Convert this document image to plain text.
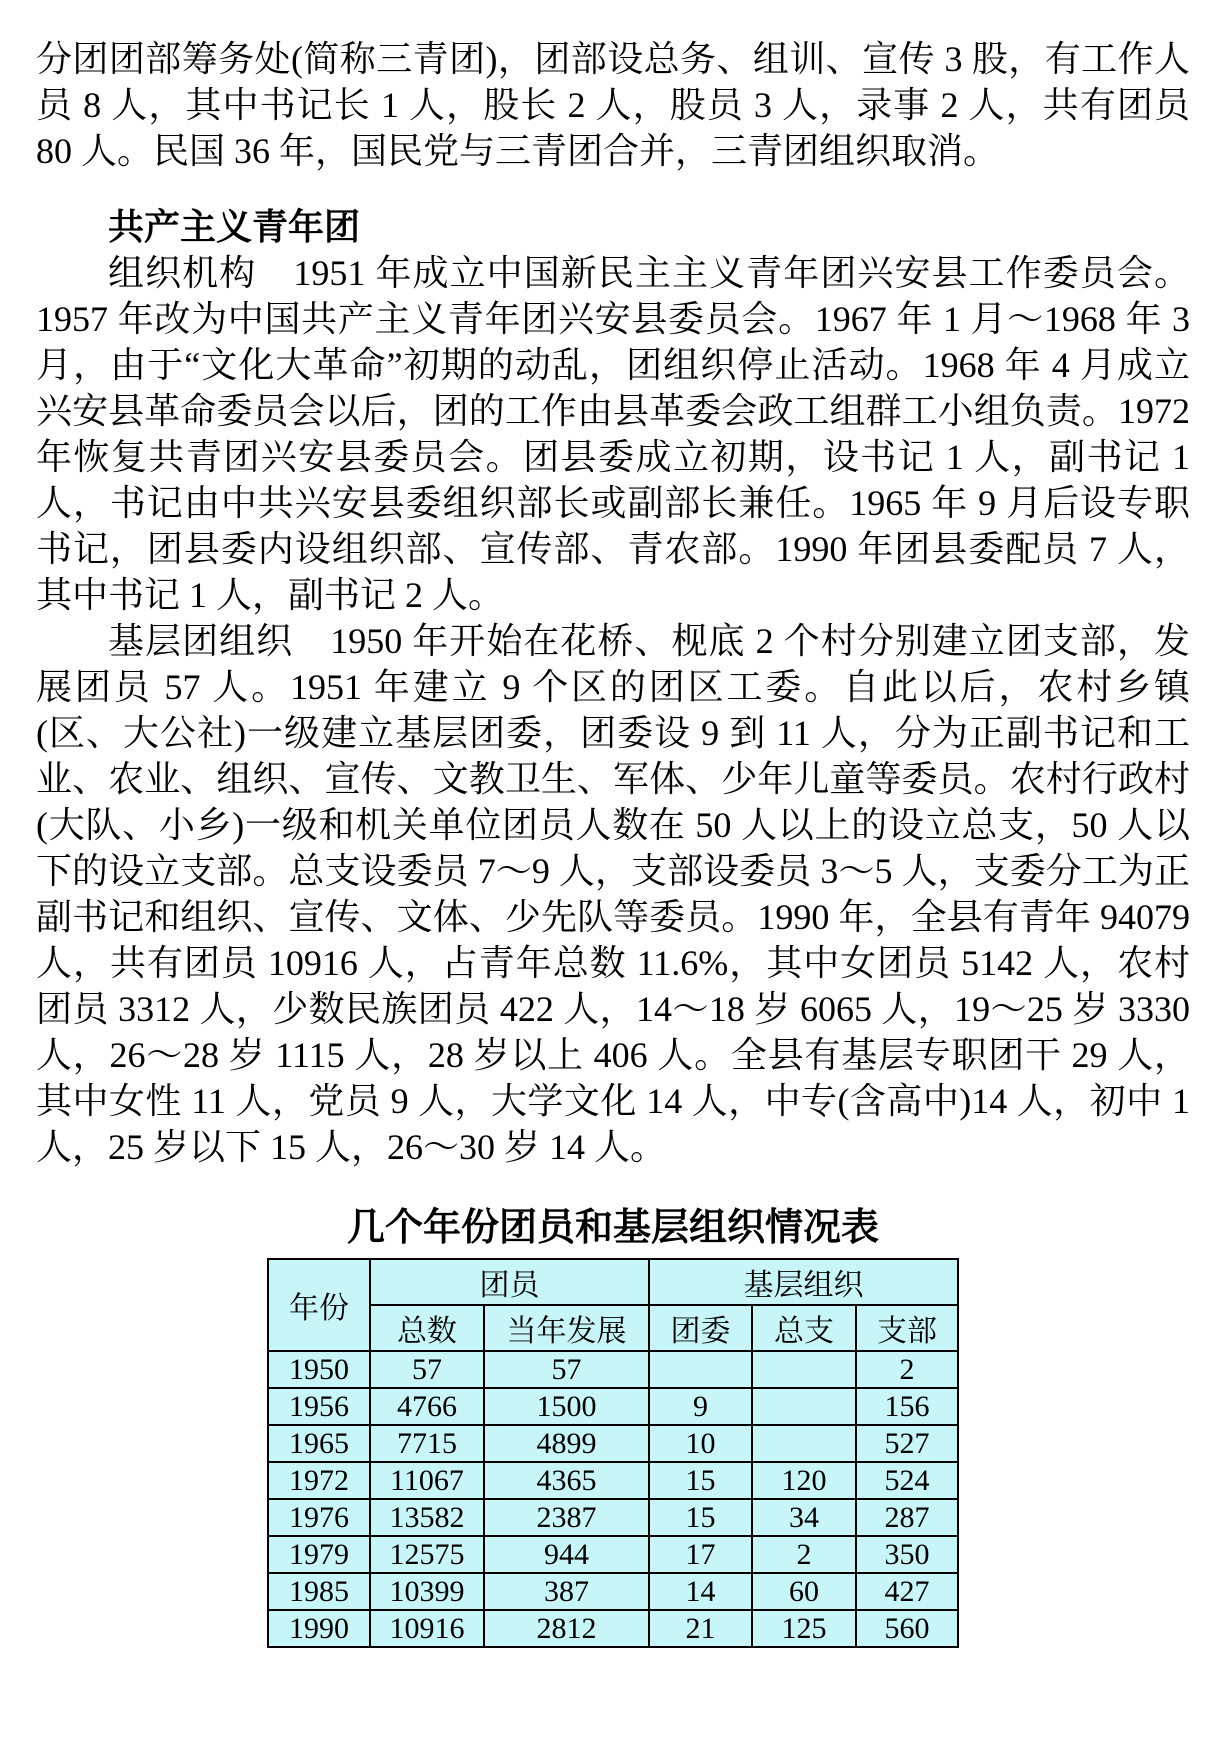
分团团部筹务处(简称三青团)，团部设总务、组训、宣传 3 股，有工作人员 8 人，其中书记长 1 人，股长 2 人，股员 3 人，录事 2 人，共有团员 80 人。民国 36 年，国民党与三青团合并，三青团组织取消。

共产主义青年团

组织机构　1951 年成立中国新民主主义青年团兴安县工作委员会。1957 年改为中国共产主义青年团兴安县委员会。1967 年 1 月～1968 年 3 月，由于“文化大革命”初期的动乱，团组织停止活动。1968 年 4 月成立兴安县革命委员会以后，团的工作由县革委会政工组群工小组负责。1972 年恢复共青团兴安县委员会。团县委成立初期，设书记 1 人，副书记 1 人，书记由中共兴安县委组织部长或副部长兼任。1965 年 9 月后设专职书记，团县委内设组织部、宣传部、青农部。1990 年团县委配员 7 人，其中书记 1 人，副书记 2 人。

基层团组织　1950 年开始在花桥、枧底 2 个村分别建立团支部，发展团员 57 人。1951 年建立 9 个区的团区工委。自此以后，农村乡镇(区、大公社)一级建立基层团委，团委设 9 到 11 人，分为正副书记和工业、农业、组织、宣传、文教卫生、军体、少年儿童等委员。农村行政村(大队、小乡)一级和机关单位团员人数在 50 人以上的设立总支，50 人以下的设立支部。总支设委员 7～9 人，支部设委员 3～5 人，支委分工为正副书记和组织、宣传、文体、少先队等委员。1990 年，全县有青年 94079 人，共有团员 10916 人，占青年总数 11.6%，其中女团员 5142 人，农村团员 3312 人，少数民族团员 422 人，14～18 岁 6065 人，19～25 岁 3330 人，26～28 岁 1115 人，28 岁以上 406 人。全县有基层专职团干 29 人，其中女性 11 人，党员 9 人，大学文化 14 人，中专(含高中)14 人，初中 1 人，25 岁以下 15 人，26～30 岁 14 人。

几个年份团员和基层组织情况表
年份	团员		基层组织		
	总数	当年发展	团委	总支	支部
1950	57	57			2
1956	4766	1500	9		156
1965	7715	4899	10		527
1972	11067	4365	15	120	524
1976	13582	2387	15	34	287
1979	12575	944	17	2	350
1985	10399	387	14	60	427
1990	10916	2812	21	125	560
